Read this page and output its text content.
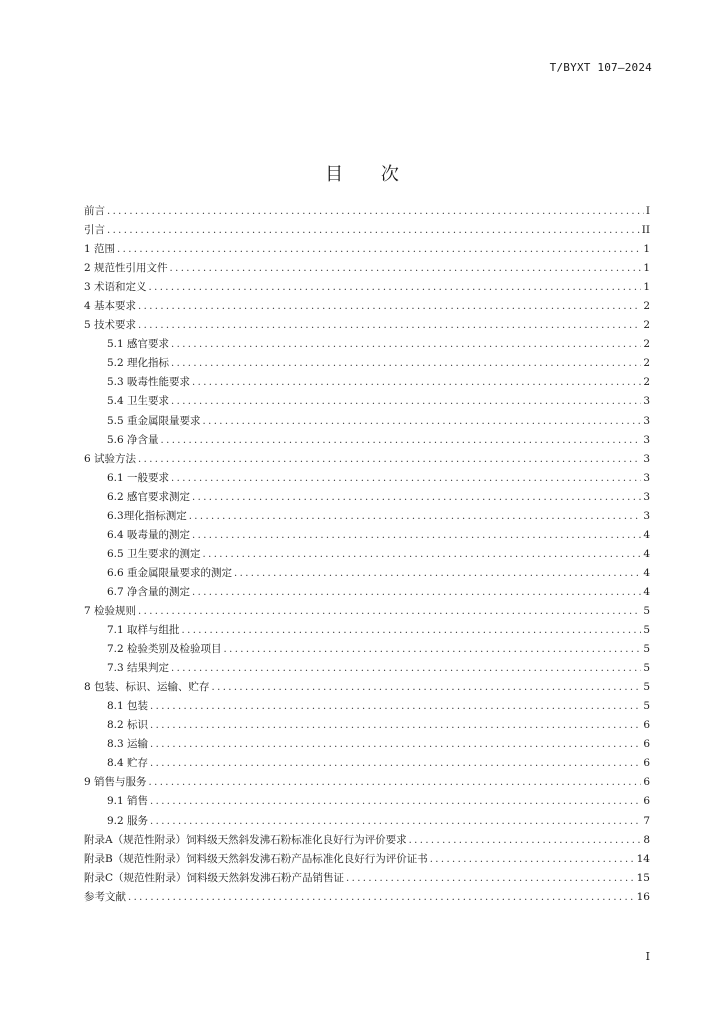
T/BYXT 107—2024
目 次
前言 .....	I
引言 .....	II
1 范围 .....	1
2 规范性引用文件 .....	1
3 术语和定义 .....	1
4 基本要求 .....	2
5 技术要求 .....	2
5.1 感官要求 .....	2
5.2 理化指标 .....	2
5.3 吸毒性能要求 .....	2
5.4 卫生要求 .....	3
5.5 重金属限量要求 .....	3
5.6 净含量 .....	3
6 试验方法 .....	3
6.1 一般要求 .....	3
6.2 感官要求测定 .....	3
6.3理化指标测定 .....	3
6.4 吸毒量的测定 .....	4
6.5 卫生要求的测定 .....	4
6.6 重金属限量要求的测定 .....	4
6.7 净含量的测定 .....	4
7 检验规则 .....	5
7.1 取样与组批 .....	5
7.2 检验类别及检验项目 .....	5
7.3 结果判定 .....	5
8 包装、标识、运输、贮存 .....	5
8.1 包装 .....	5
8.2 标识 .....	6
8.3 运输 .....	6
8.4 贮存 .....	6
9 销售与服务 .....	6
9.1 销售 .....	6
9.2 服务 .....	7
附录A（规范性附录）饲料级天然斜发沸石粉标准化良好行为评价要求 .....	8
附录B（规范性附录）饲料级天然斜发沸石粉产品标准化良好行为评价证书 .....	14
附录C（规范性附录）饲料级天然斜发沸石粉产品销售证 .....	15
参考文献 .....	16
I
